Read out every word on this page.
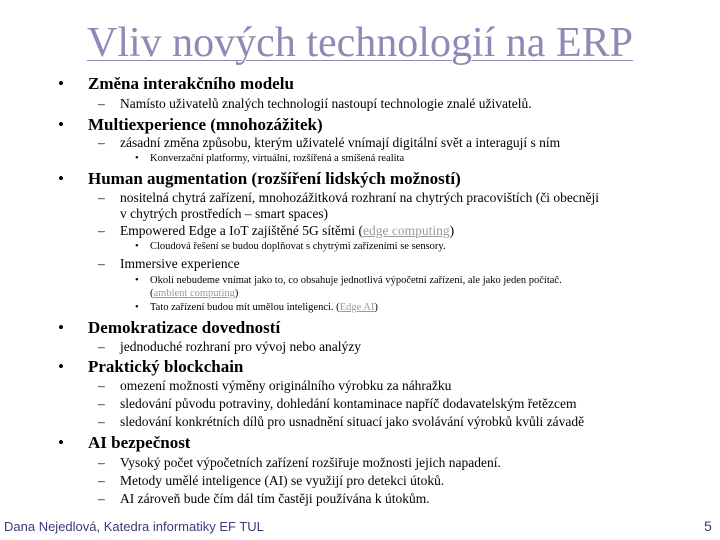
Vliv nových technologií na ERP
• Změna interakčního modelu
– Namísto uživatelů znalých technologií nastoupí technologie znalé uživatelů.
• Multiexperience (mnohozážitek)
– zásadní změna způsobu, kterým uživatelé vnímají digitální svět a interagují s ním
• Konverzační platformy, virtuální, rozšířená a smíšená realita
• Human augmentation (rozšíření lidských možností)
– nositelná chytrá zařízení, mnohozážitková rozhraní na chytrých pracovištích (či obecněji
v chytrých prostředích – smart spaces)
– Empowered Edge a IoT zajištěné 5G sítěmi (edge computing)
• Cloudová řešení se budou doplňovat s chytrými zařízeními se sensory.
– Immersive experience
• Okolí nebudeme vnímat jako to, co obsahuje jednotlivá výpočetní zařízení, ale jako jeden počítač.
(ambient computing)
• Tato zařízení budou mít umělou inteligenci. (Edge AI)
• Demokratizace dovedností
– jednoduché rozhraní pro vývoj nebo analýzy
• Praktický blockchain
– omezení možnosti výměny originálního výrobku za náhražku
– sledování původu potraviny, dohledání kontaminace napříč dodavatelským řetězcem
– sledování konkrétních dílů pro usnadnění situací jako svolávání výrobků kvůli závadě
• AI bezpečnost
– Vysoký počet výpočetních zařízení rozšiřuje možnosti jejich napadení.
– Metody umělé inteligence (AI) se využijí pro detekci útoků.
– AI zároveň bude čím dál tím častěji používána k útokům.
Dana Nejedlová, Katedra informatiky EF TUL	5
